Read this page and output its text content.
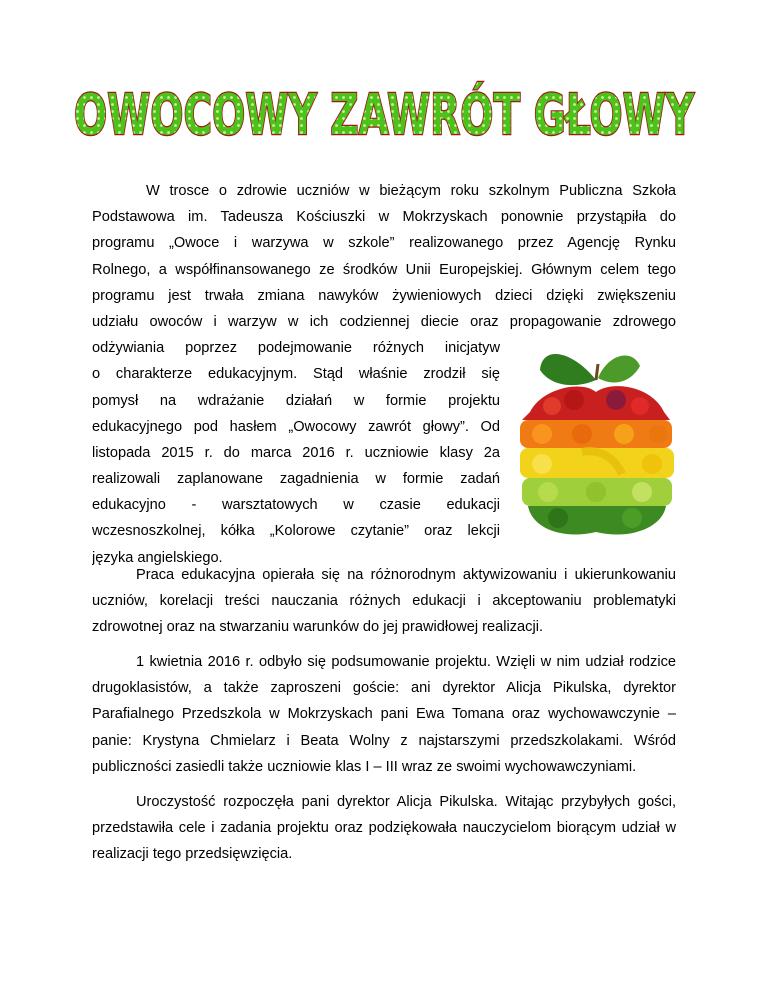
OWOCOWY ZAWRÓT GŁOWY
W trosce o zdrowie uczniów w bieżącym roku szkolnym Publiczna Szkoła
Podstawowa im. Tadeusza Kościuszki w Mokrzyskach ponownie przystąpiła do
programu „Owoce i warzywa w szkole” realizowanego przez Agencję Rynku
Rolnego, a współfinansowanego ze środków Unii Europejskiej. Głównym celem tego
programu jest trwała zmiana nawyków żywieniowych dzieci dzięki zwiększeniu
udziału owoców i warzyw w ich codziennej diecie oraz propagowanie zdrowego
odżywiania poprzez podejmowanie różnych inicjatyw
o charakterze edukacyjnym. Stąd właśnie zrodził się
pomysł na wdrażanie działań w formie projektu
edukacyjnego pod hasłem „Owocowy zawrót głowy”. Od
listopada 2015 r. do marca 2016 r. uczniowie klasy 2a
realizowali zaplanowane zagadnienia w formie zadań
edukacyjno - warsztatowych w czasie edukacji
wczesnoszkolnej, kółka „Kolorowe czytanie” oraz lekcji
języka angielskiego.

Praca edukacyjna opierała się na różnorodnym aktywizowaniu i ukierunkowaniu uczniów, korelacji treści nauczania różnych edukacji i akceptowaniu problematyki zdrowotnej oraz na stwarzaniu warunków do jej prawidłowej realizacji.

1 kwietnia 2016 r. odbyło się podsumowanie projektu. Wzięli w nim udział rodzice drugoklasistów, a także zaproszeni goście: ani dyrektor Alicja Pikulska, dyrektor Parafialnego Przedszkola w Mokrzyskach pani Ewa Tomana oraz wychowawczynie – panie: Krystyna Chmielarz i Beata Wolny z najstarszymi przedszkolakami. Wśród publiczności zasiedli także uczniowie klas I – III wraz ze swoimi wychowawczyniami.

Uroczystość rozpoczęła pani dyrektor Alicja Pikulska. Witając przybyłych gości, przedstawiła cele i zadania projektu oraz podziękowała nauczycielom biorącym udział w realizacji tego przedsięwzięcia.
